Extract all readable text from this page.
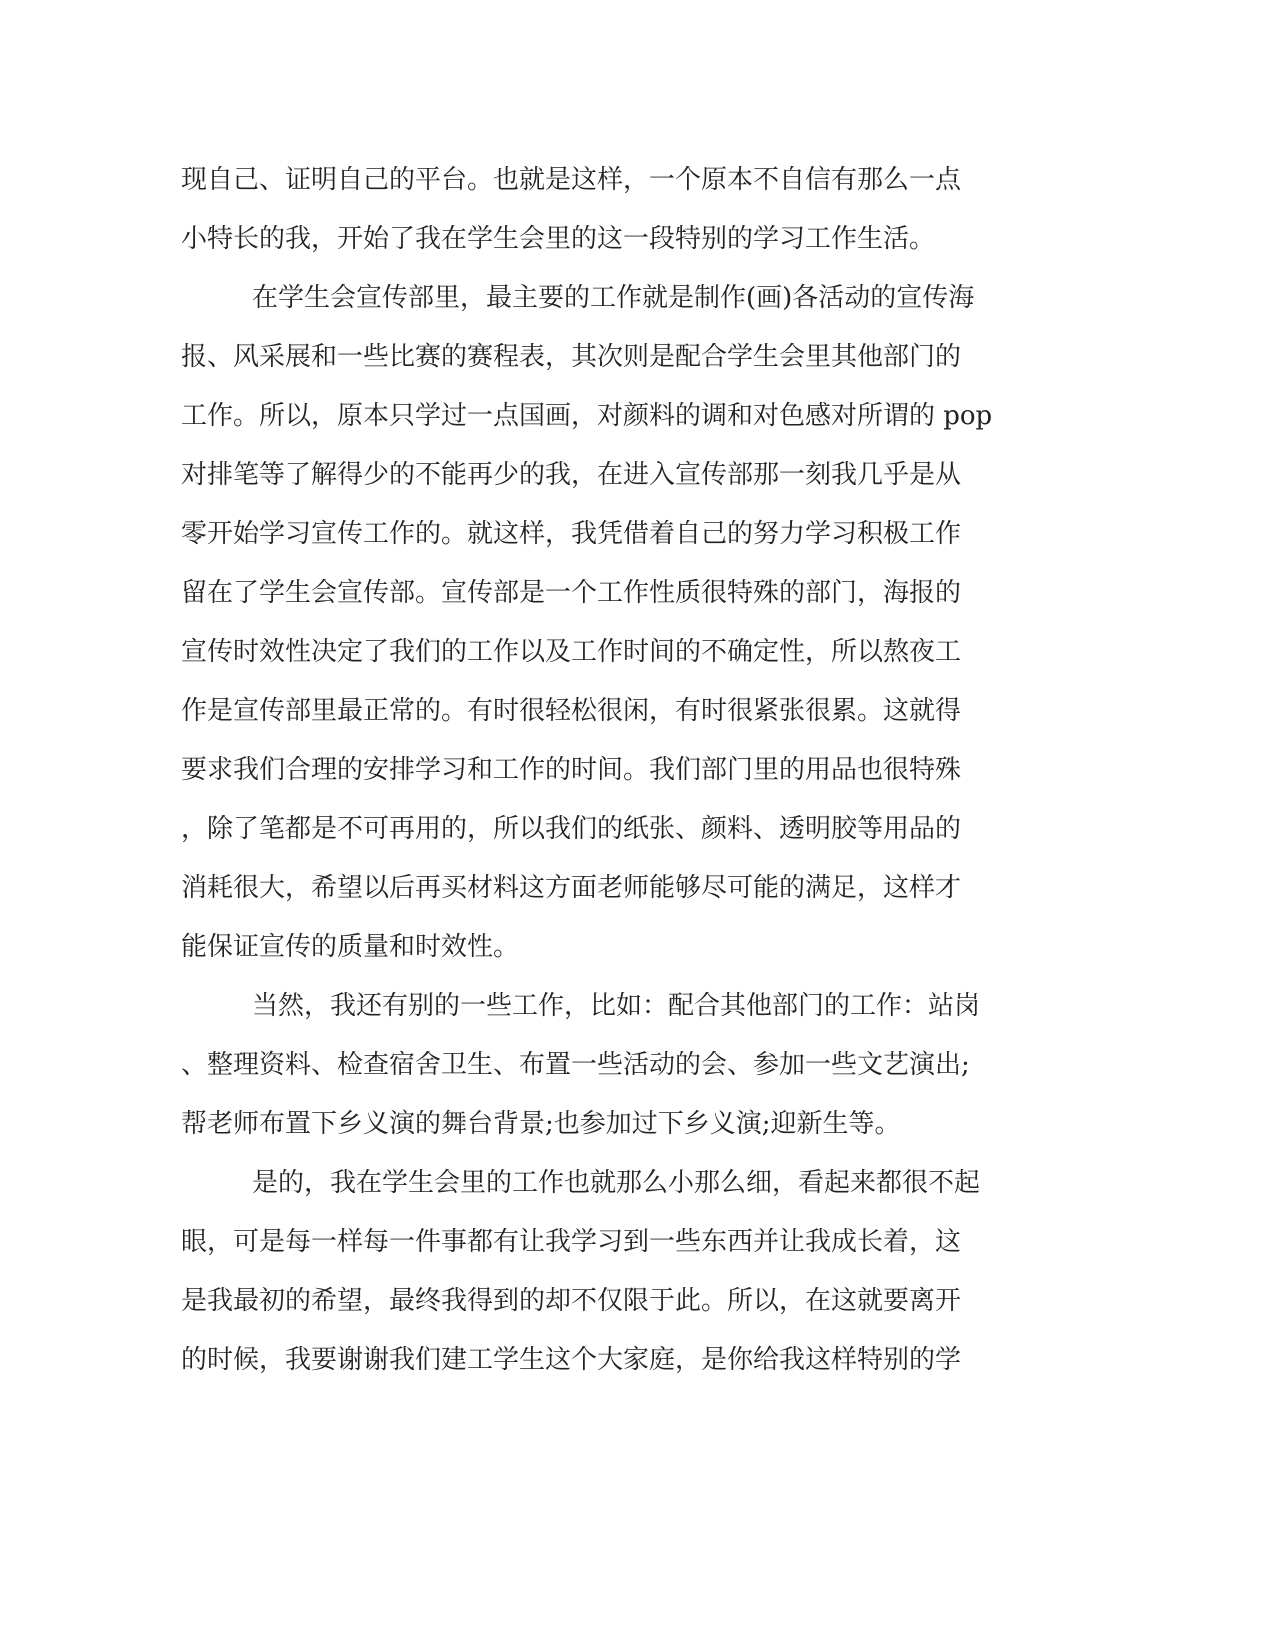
现自己、证明自己的平台。也就是这样，一个原本不自信有那么一点
小特长的我，开始了我在学生会里的这一段特别的学习工作生活。
在学生会宣传部里，最主要的工作就是制作(画)各活动的宣传海
报、风采展和一些比赛的赛程表，其次则是配合学生会里其他部门的
工作。所以，原本只学过一点国画，对颜料的调和对色感对所谓的 pop
对排笔等了解得少的不能再少的我，在进入宣传部那一刻我几乎是从
零开始学习宣传工作的。就这样，我凭借着自己的努力学习积极工作
留在了学生会宣传部。宣传部是一个工作性质很特殊的部门，海报的
宣传时效性决定了我们的工作以及工作时间的不确定性，所以熬夜工
作是宣传部里最正常的。有时很轻松很闲，有时很紧张很累。这就得
要求我们合理的安排学习和工作的时间。我们部门里的用品也很特殊
，除了笔都是不可再用的，所以我们的纸张、颜料、透明胶等用品的
消耗很大，希望以后再买材料这方面老师能够尽可能的满足，这样才
能保证宣传的质量和时效性。
当然，我还有别的一些工作，比如：配合其他部门的工作：站岗
、整理资料、检查宿舍卫生、布置一些活动的会、参加一些文艺演出;
帮老师布置下乡义演的舞台背景;也参加过下乡义演;迎新生等。
是的，我在学生会里的工作也就那么小那么细，看起来都很不起
眼，可是每一样每一件事都有让我学习到一些东西并让我成长着，这
是我最初的希望，最终我得到的却不仅限于此。所以，在这就要离开
的时候，我要谢谢我们建工学生这个大家庭，是你给我这样特别的学
